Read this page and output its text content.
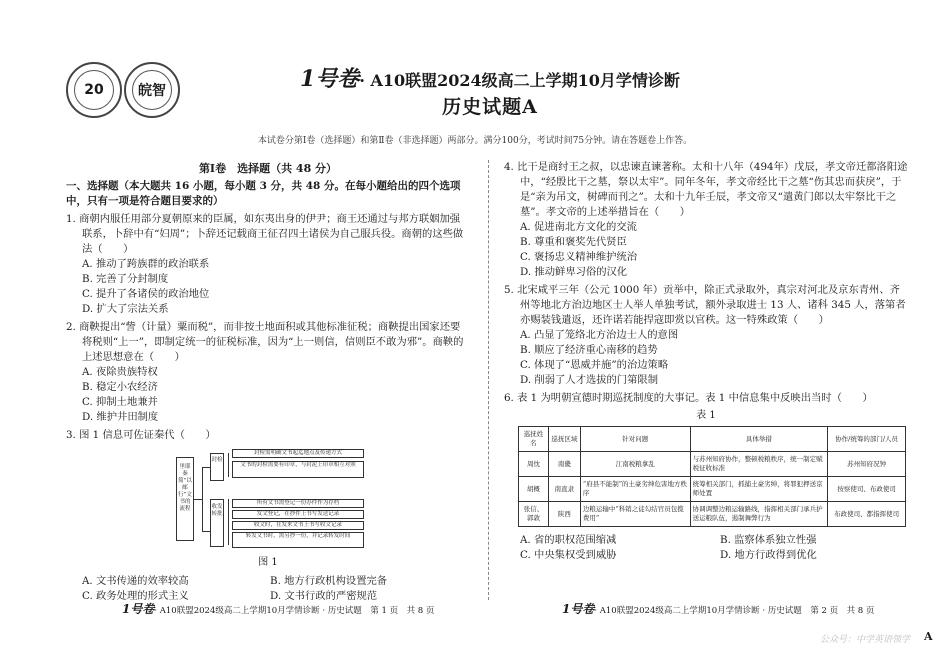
20	皖智	1号卷· A10联盟2024级高二上学期10月学情诊断
历史试题A
本试卷分第Ⅰ卷（选择题）和第Ⅱ卷（非选择题）两部分。满分100分，考试时间75分钟。请在答题卷上作答。
第Ⅰ卷　选择题（共 48 分）
一、选择题（本大题共 16 小题，每小题 3 分，共 48 分。在每小题给出的四个选项中，只有一项是符合题目要求的）

1. 商朝内服任用部分夏朝原来的臣属，如东夷出身的伊尹；商王还通过与邦方联姻加强联系，卜辞中有“妇周”；卜辞还记载商王征召四土诸侯为自己服兵役。商朝的这些做法（　　）

A. 推动了跨族群的政治联系
B. 完善了分封制度
C. 提升了各诸侯的政治地位
D. 扩大了宗法关系

2. 商鞅提出“訾（计量）粟而税”，而非按土地面积或其他标准征税；商鞅提出国家还要将税则“上一”，即制定统一的征税标准，因为“上一则信，信则臣不敢为邪”。商鞅的上述思想意在（　　）

A. 夜除贵族特权
B. 稳定小农经济
C. 抑制土地兼并
D. 维护井田制度

3. 图 1 信息可佐证秦代（　　）

里耶秦简“以邮行”文书的流程
封检
收发转批
封检需明确文书起迄地点及传递方式
文书的封检需要有印章，与封泥上印章相互对照
所有文书需登记一份办件作为存档
发文登记，在抄件上书写发送记录
收文时，在发来文书上书写收文记录
转发文书时，需另抄一份，并记录转发时间
图 1
A. 文书传递的效率较高	B. 地方行政机构设置完备
C. 政务处理的形式主义	D. 文书行政的严密规范

4. 比干是商纣王之叔，以忠谏直谏著称。太和十八年（494年）戊辰，孝文帝迁都洛阳途中，“经殷比干之墓，祭以太牢”。同年冬年，孝文帝经比干之墓“伤其忠而获戾”，于是“亲为吊文，树碑而刊之”。太和十九年壬辰，孝文帝又“遣黄门郎以太牢祭比干之墓”。孝文帝的上述举措旨在（　　）

A. 促进南北方文化的交流
B. 尊重和褒奖先代贤臣
C. 褒扬忠义精神维护统治
D. 推动鲜卑习俗的汉化

5. 北宋咸平三年（公元 1000 年）贡举中，除正式录取外，真宗对河北及京东青州、齐州等地北方治边地区士人举人单独考试，额外录取进士 13 人、诸科 345 人，落第者亦赐装钱遣返，还许诺若能捍寇即赏以官秩。这一特殊政策（　　）

A. 凸显了笼络北方治边士人的意图
B. 顺应了经济重心南移的趋势
C. 体现了“恩威并施”的治边策略
D. 削弱了人才选拔的门第限制

6. 表 1 为明朝宣德时期巡抚制度的大事记。表 1 中信息集中反映出当时（　　）

表 1
巡抚姓名	巡抚区域	针对问题	具体举措	协作/统筹的部门/人员
周忱	南畿	江南税粮拿乱	与苏州知府协作，整顿税粮秩序，统一制定赋税征收标准	苏州知府况钟
胡概	南直隶	“府县不能制”的土豪劣绅危害地方秩序	统筹相关部门，抓捕土豪劣绅，将罪犯押送京师处置	按察使司、布政使司
张信、郭敦	陕西	边粮运输中“科销之徒勾结官员包揽费用”	协调调整边粮运输路线，指挥相关部门承兵护送运粮队伍，遏制舞弊行为	布政使司、都指挥使司
A. 省的职权范围缩减	B. 监察体系独立性强
C. 中央集权受到威胁	D. 地方行政得到优化
1号卷· A10联盟2024级高二上学期10月学情诊断 · 历史试题　第 1 页　共 8 页	1号卷· A10联盟2024级高二上学期10月学情诊断 · 历史试题　第 2 页　共 8 页
公众号：中学英语领学 A
